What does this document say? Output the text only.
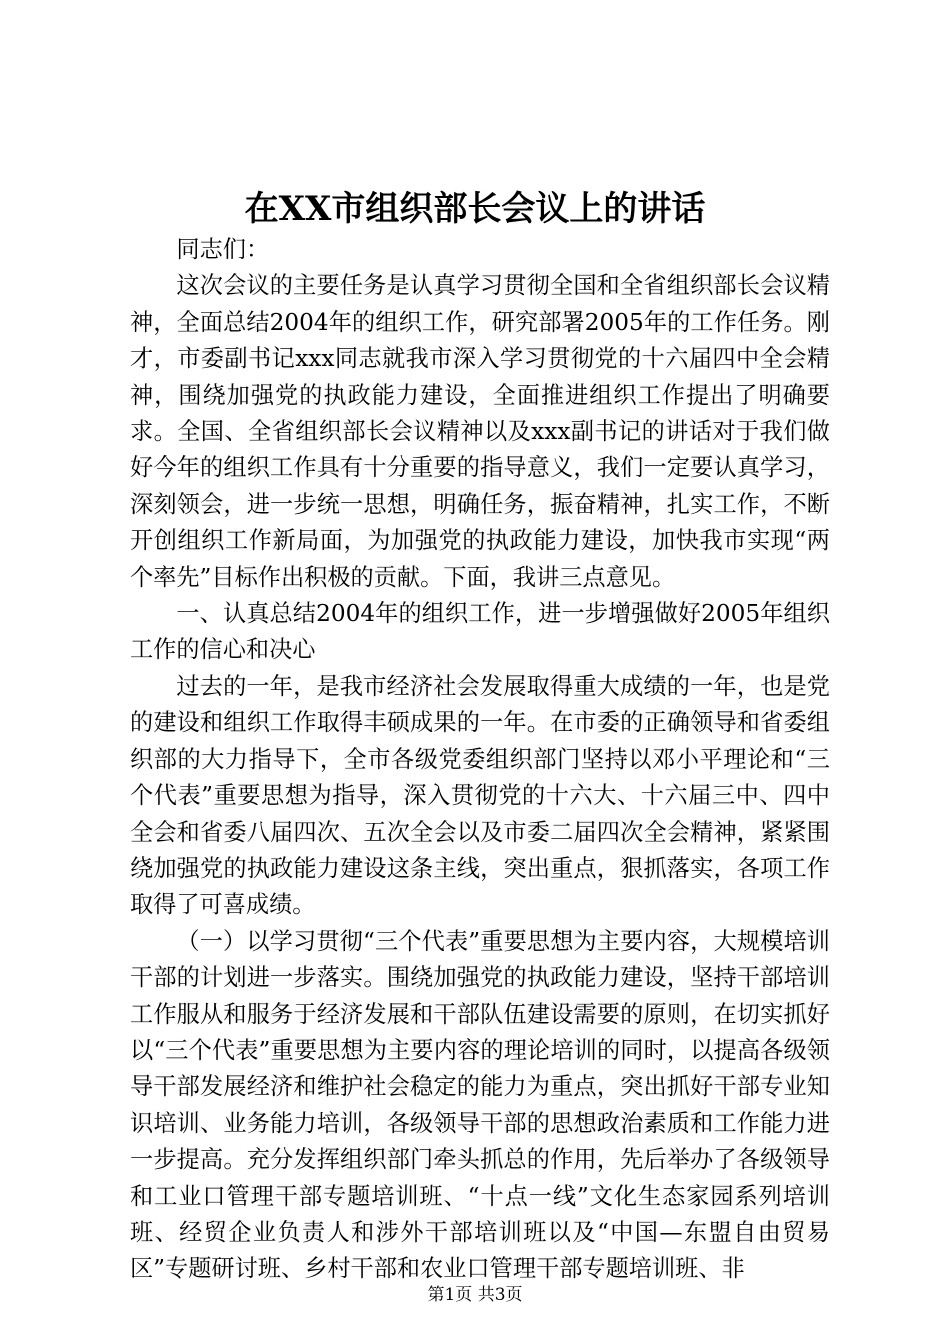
在XX市组织部长会议上的讲话

同志们：

这次会议的主要任务是认真学习贯彻全国和全省组织部长会议精神，全面总结2004年的组织工作，研究部署2005年的工作任务。刚才，市委副书记xxx同志就我市深入学习贯彻党的十六届四中全会精神，围绕加强党的执政能力建设，全面推进组织工作提出了明确要求。全国、全省组织部长会议精神以及xxx副书记的讲话对于我们做好今年的组织工作具有十分重要的指导意义，我们一定要认真学习，深刻领会，进一步统一思想，明确任务，振奋精神，扎实工作，不断开创组织工作新局面，为加强党的执政能力建设，加快我市实现“两个率先”目标作出积极的贡献。下面，我讲三点意见。

一、认真总结2004年的组织工作，进一步增强做好2005年组织工作的信心和决心

过去的一年，是我市经济社会发展取得重大成绩的一年，也是党的建设和组织工作取得丰硕成果的一年。在市委的正确领导和省委组织部的大力指导下，全市各级党委组织部门坚持以邓小平理论和“三个代表”重要思想为指导，深入贯彻党的十六大、十六届三中、四中全会和省委八届四次、五次全会以及市委二届四次全会精神，紧紧围绕加强党的执政能力建设这条主线，突出重点，狠抓落实，各项工作取得了可喜成绩。

（一）以学习贯彻“三个代表”重要思想为主要内容，大规模培训干部的计划进一步落实。围绕加强党的执政能力建设，坚持干部培训工作服从和服务于经济发展和干部队伍建设需要的原则，在切实抓好以“三个代表”重要思想为主要内容的理论培训的同时，以提高各级领导干部发展经济和维护社会稳定的能力为重点，突出抓好干部专业知识培训、业务能力培训，各级领导干部的思想政治素质和工作能力进一步提高。充分发挥组织部门牵头抓总的作用，先后举办了各级领导和工业口管理干部专题培训班、“十点一线”文化生态家园系列培训班、经贸企业负责人和涉外干部培训班以及“中国—东盟自由贸易区”专题研讨班、乡村干部和农业口管理干部专题培训班、非

第1页 共3页
